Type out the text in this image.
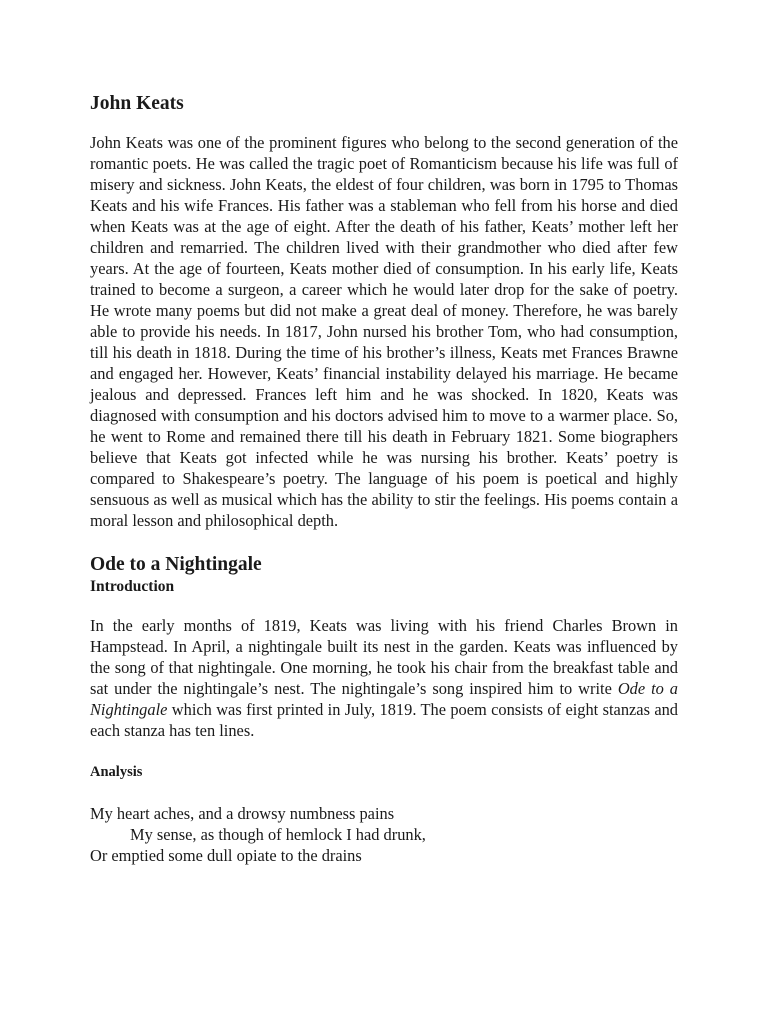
John Keats

John Keats was one of the prominent figures who belong to the second generation of the romantic poets. He was called the tragic poet of Romanticism because his life was full of misery and sickness. John Keats, the eldest of four children, was born in 1795 to Thomas Keats and his wife Frances. His father was a stableman who fell from his horse and died when Keats was at the age of eight. After the death of his father, Keats’ mother left her children and remarried. The children lived with their grandmother who died after few years. At the age of fourteen, Keats mother died of consumption. In his early life, Keats trained to become a surgeon, a career which he would later drop for the sake of poetry. He wrote many poems but did not make a great deal of money. Therefore, he was barely able to provide his needs. In 1817, John nursed his brother Tom, who had consumption, till his death in 1818. During the time of his brother’s illness, Keats met Frances Brawne and engaged her. However, Keats’ financial instability delayed his marriage. He became jealous and depressed. Frances left him and he was shocked. In 1820, Keats was diagnosed with consumption and his doctors advised him to move to a warmer place. So, he went to Rome and remained there till his death in February 1821. Some biographers believe that Keats got infected while he was nursing his brother. Keats’ poetry is compared to Shakespeare’s poetry. The language of his poem is poetical and highly sensuous as well as musical which has the ability to stir the feelings. His poems contain a moral lesson and philosophical depth.

Ode to a Nightingale
Introduction

In the early months of 1819, Keats was living with his friend Charles Brown in Hampstead. In April, a nightingale built its nest in the garden. Keats was influenced by the song of that nightingale. One morning, he took his chair from the breakfast table and sat under the nightingale’s nest. The nightingale’s song inspired him to write Ode to a Nightingale which was first printed in July, 1819. The poem consists of eight stanzas and each stanza has ten lines.

Analysis
My heart aches, and a drowsy numbness pains
My sense, as though of hemlock I had drunk,
Or emptied some dull opiate to the drains
